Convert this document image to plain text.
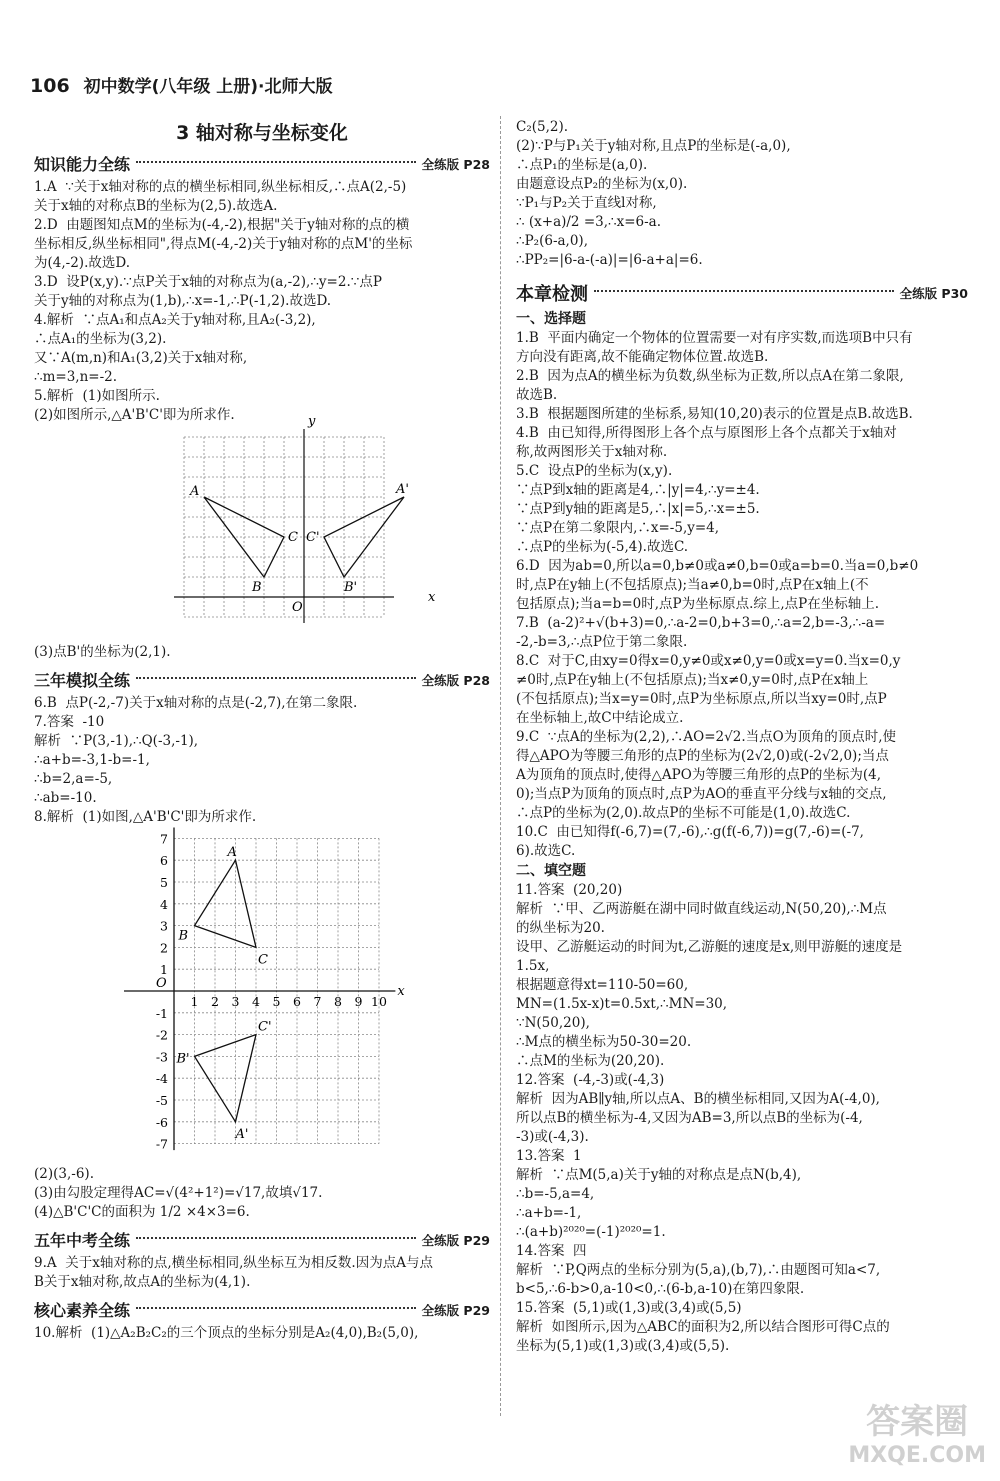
106 初中数学(八年级 上册)·北师大版
3 轴对称与坐标变化
知识能力全练	全练版 P28
1.A  ∵关于x轴对称的点的横坐标相同,纵坐标相反,∴点A(2,-5)
关于x轴的对称点B的坐标为(2,5).故选A.
2.D  由题图知点M的坐标为(-4,-2),根据"关于y轴对称的点的横
坐标相反,纵坐标相同",得点M(-4,-2)关于y轴对称的点M'的坐标
为(4,-2).故选D.
3.D  设P(x,y).∵点P关于x轴的对称点为(a,-2),∴y=2.∵点P
关于y轴的对称点为(1,b),∴x=-1,∴P(-1,2).故选D.
4.解析  ∵点A₁和点A₂关于y轴对称,且A₂(-3,2),
∴点A₁的坐标为(3,2).
又∵A(m,n)和A₁(3,2)关于x轴对称,
∴m=3,n=-2.
5.解析  (1)如图所示.
(2)如图所示,△A'B'C'即为所求作.
A
B
C
A'
B'
C'
O
x
y
(3)点B'的坐标为(2,1).
三年模拟全练	全练版 P28
6.B  点P(-2,-7)关于x轴对称的点是(-2,7),在第二象限.
7.答案  -10
解析  ∵P(3,-1),∴Q(-3,-1),
∴a+b=-3,1-b=-1,
∴b=2,a=-5,
∴ab=-10.
8.解析  (1)如图,△A'B'C'即为所求作.
7
6
5
4
3
2
1
-1
-2
-3
-4
-5
-6
-7
1 2 3 4 5 6 7 8 9 10
A
B
C
A'
B'
C'
O
x
(2)(3,-6).
(3)由勾股定理得AC=√(4²+1²)=√17,故填√17.
(4)△B'C'C的面积为 1/2 ×4×3=6.
五年中考全练	全练版 P29
9.A  关于x轴对称的点,横坐标相同,纵坐标互为相反数.因为点A与点
B关于x轴对称,故点A的坐标为(4,1).
核心素养全练	全练版 P29
10.解析  (1)△A₂B₂C₂的三个顶点的坐标分别是A₂(4,0),B₂(5,0),
C₂(5,2).
(2)∵P与P₁关于y轴对称,且点P的坐标是(-a,0),
∴点P₁的坐标是(a,0).
由题意设点P₂的坐标为(x,0).
∵P₁与P₂关于直线l对称,
∴ (x+a)/2 =3,∴x=6-a.
∴P₂(6-a,0),
∴PP₂=|6-a-(-a)|=|6-a+a|=6.
本章检测	全练版 P30
一、选择题
1.B  平面内确定一个物体的位置需要一对有序实数,而选项B中只有
方向没有距离,故不能确定物体位置.故选B.
2.B  因为点A的横坐标为负数,纵坐标为正数,所以点A在第二象限,
故选B.
3.B  根据题图所建的坐标系,易知(10,20)表示的位置是点B.故选B.
4.B  由已知得,所得图形上各个点与原图形上各个点都关于x轴对
称,故两图形关于x轴对称.
5.C  设点P的坐标为(x,y).
∵点P到x轴的距离是4,∴|y|=4,∴y=±4.
∵点P到y轴的距离是5,∴|x|=5,∴x=±5.
∵点P在第二象限内,∴x=-5,y=4,
∴点P的坐标为(-5,4).故选C.
6.D  因为ab=0,所以a=0,b≠0或a≠0,b=0或a=b=0.当a=0,b≠0
时,点P在y轴上(不包括原点);当a≠0,b=0时,点P在x轴上(不
包括原点);当a=b=0时,点P为坐标原点.综上,点P在坐标轴上.
7.B  (a-2)²+√(b+3)=0,∴a-2=0,b+3=0,∴a=2,b=-3,∴-a=
-2,-b=3,∴点P位于第二象限.
8.C  对于C,由xy=0得x=0,y≠0或x≠0,y=0或x=y=0.当x=0,y
≠0时,点P在y轴上(不包括原点);当x≠0,y=0时,点P在x轴上
(不包括原点);当x=y=0时,点P为坐标原点,所以当xy=0时,点P
在坐标轴上,故C中结论成立.
9.C  ∵点A的坐标为(2,2),∴AO=2√2.当点O为顶角的顶点时,使
得△APO为等腰三角形的点P的坐标为(2√2,0)或(-2√2,0);当点
A为顶角的顶点时,使得△APO为等腰三角形的点P的坐标为(4,
0);当点P为顶角的顶点时,点P为AO的垂直平分线与x轴的交点,
∴点P的坐标为(2,0).故点P的坐标不可能是(1,0).故选C.
10.C  由已知得f(-6,7)=(7,-6),∴g(f(-6,7))=g(7,-6)=(-7,
6).故选C.
二、填空题
11.答案  (20,20)
解析  ∵甲、乙两游艇在湖中同时做直线运动,N(50,20),∴M点
的纵坐标为20.
设甲、乙游艇运动的时间为t,乙游艇的速度是x,则甲游艇的速度是
1.5x,
根据题意得xt=110-50=60,
MN=(1.5x-x)t=0.5xt,∴MN=30,
∵N(50,20),
∴M点的横坐标为50-30=20.
∴点M的坐标为(20,20).
12.答案  (-4,-3)或(-4,3)
解析  因为AB∥y轴,所以点A、B的横坐标相同,又因为A(-4,0),
所以点B的横坐标为-4,又因为AB=3,所以点B的坐标为(-4,
-3)或(-4,3).
13.答案  1
解析  ∵点M(5,a)关于y轴的对称点是点N(b,4),
∴b=-5,a=4,
∴a+b=-1,
∴(a+b)²⁰²⁰=(-1)²⁰²⁰=1.
14.答案  四
解析  ∵P,Q两点的坐标分别为(5,a),(b,7),∴由题图可知a<7,
b<5,∴6-b>0,a-10<0,∴(6-b,a-10)在第四象限.
15.答案  (5,1)或(1,3)或(3,4)或(5,5)
解析  如图所示,因为△ABC的面积为2,所以结合图形可得C点的
坐标为(5,1)或(1,3)或(3,4)或(5,5).
答案圈
MXQE.COM
